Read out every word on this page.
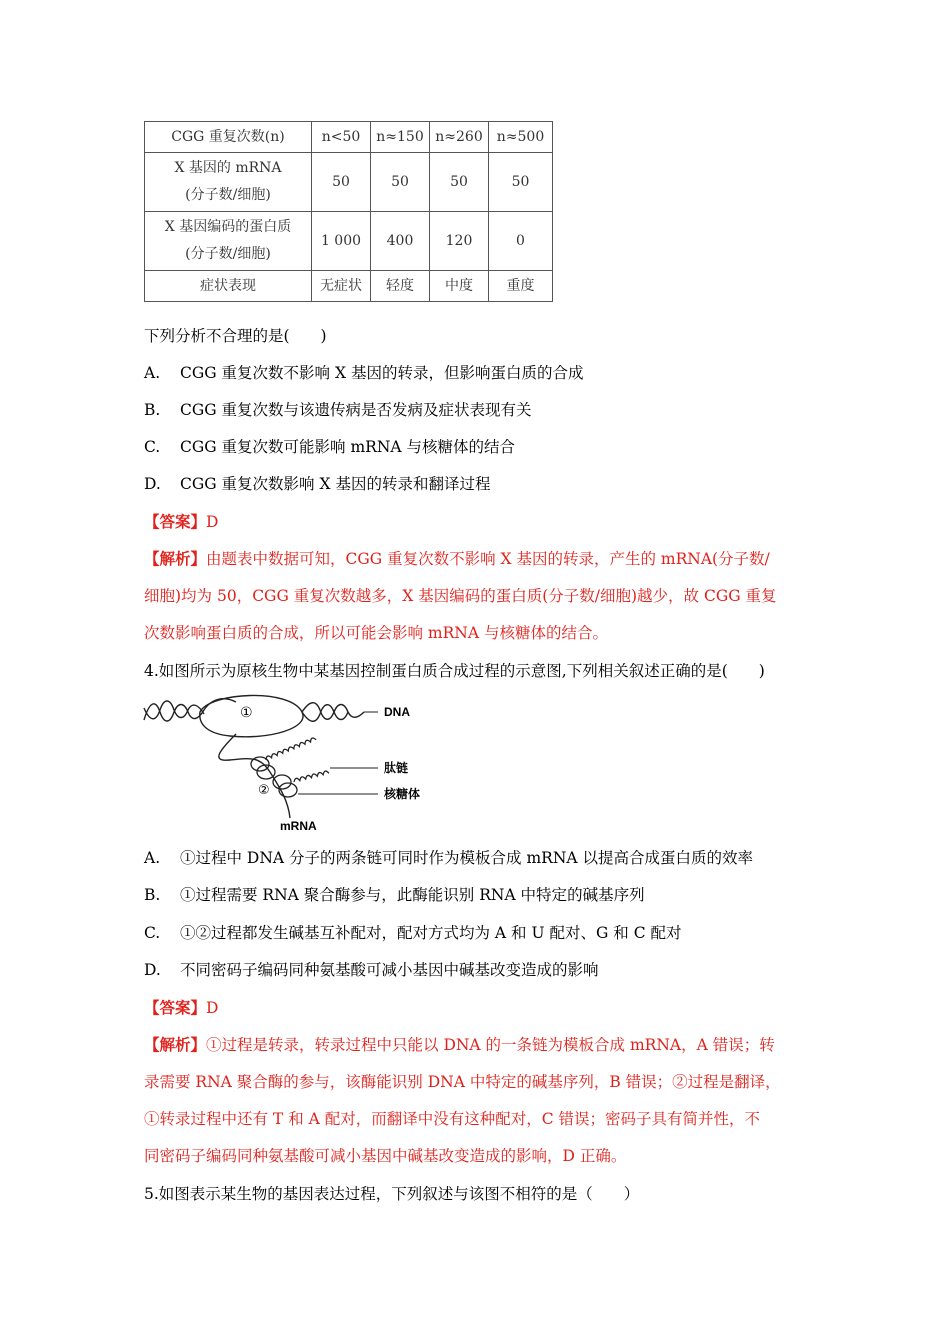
CGG 重复次数(n)	n<50	n≈150	n≈260	n≈500

X 基因的 mRNA
(分子数/细胞)	50	50	50	50

X 基因编码的蛋白质
(分子数/细胞)	1 000	400	120	0
症状表现	无症状	轻度	中度	重度
下列分析不合理的是(　　)
A. CGG 重复次数不影响 X 基因的转录，但影响蛋白质的合成
B. CGG 重复次数与该遗传病是否发病及症状表现有关
C. CGG 重复次数可能影响 mRNA 与核糖体的结合
D. CGG 重复次数影响 X 基因的转录和翻译过程
【答案】D
【解析】由题表中数据可知，CGG 重复次数不影响 X 基因的转录，产生的 mRNA(分子数/
细胞)均为 50，CGG 重复次数越多，X 基因编码的蛋白质(分子数/细胞)越少，故 CGG 重复
次数影响蛋白质的合成，所以可能会影响 mRNA 与核糖体的结合。
4.如图所示为原核生物中某基因控制蛋白质合成过程的示意图,下列相关叙述正确的是(　　)
①	DNA
肽链
核糖体
②
mRNA
A. ①过程中 DNA 分子的两条链可同时作为模板合成 mRNA 以提高合成蛋白质的效率
B. ①过程需要 RNA 聚合酶参与，此酶能识别 RNA 中特定的碱基序列
C. ①②过程都发生碱基互补配对，配对方式均为 A 和 U 配对、G 和 C 配对
D. 不同密码子编码同种氨基酸可减小基因中碱基改变造成的影响
【答案】D
【解析】①过程是转录，转录过程中只能以 DNA 的一条链为模板合成 mRNA，A 错误；转
录需要 RNA 聚合酶的参与，该酶能识别 DNA 中特定的碱基序列，B 错误；②过程是翻译，
①转录过程中还有 T 和 A 配对，而翻译中没有这种配对，C 错误；密码子具有简并性，不
同密码子编码同种氨基酸可减小基因中碱基改变造成的影响，D 正确。
5.如图表示某生物的基因表达过程，下列叙述与该图不相符的是（　　）
